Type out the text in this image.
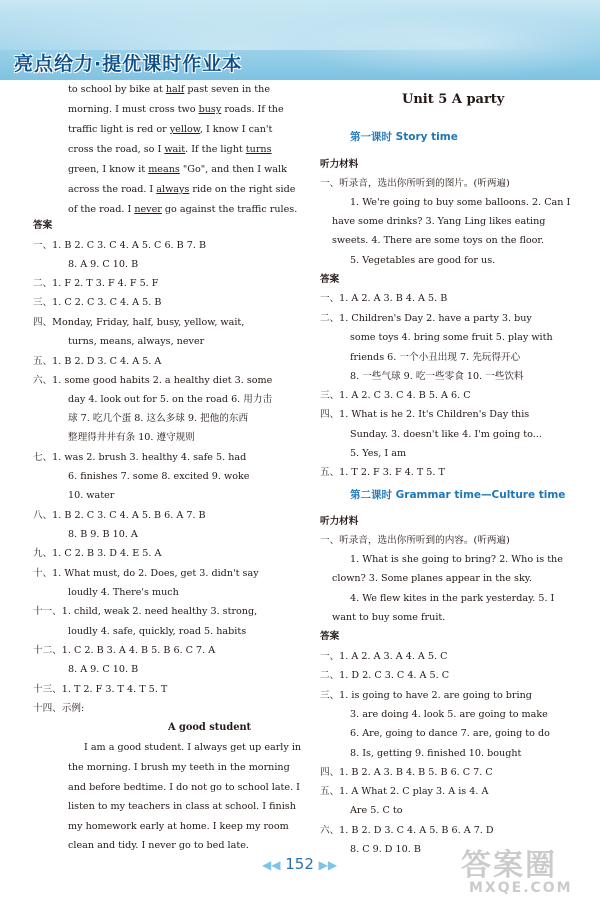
亮点给力·提优课时作业本
to school by bike at half past seven in the
morning. I must cross two busy roads. If the
traffic light is red or yellow, I know I can't
cross the road, so I wait. If the light turns
green, I know it means "Go", and then I walk
across the road. I always ride on the right side
of the road. I never go against the traffic rules.
答案
一、1. B 2. C 3. C 4. A 5. C 6. B 7. B
8. A 9. C 10. B
二、1. F 2. T 3. F 4. F 5. F
三、1. C 2. C 3. C 4. A 5. B
四、Monday, Friday, half, busy, yellow, wait,
turns, means, always, never
五、1. B 2. D 3. C 4. A 5. A
六、1. some good habits 2. a healthy diet 3. some
day 4. look out for 5. on the road 6. 用力击
球 7. 吃几个蛋 8. 这么多球 9. 把他的东西
整理得井井有条 10. 遵守规则
七、1. was 2. brush 3. healthy 4. safe 5. had
6. finishes 7. some 8. excited 9. woke
10. water
八、1. B 2. C 3. C 4. A 5. B 6. A 7. B
8. B 9. B 10. A
九、1. C 2. B 3. D 4. E 5. A
十、1. What must, do 2. Does, get 3. didn't say
loudly 4. There's much
十一、1. child, weak 2. need healthy 3. strong,
loudly 4. safe, quickly, road 5. habits
十二、1. C 2. B 3. A 4. B 5. B 6. C 7. A
8. A 9. C 10. B
十三、1. T 2. F 3. T 4. T 5. T
十四、示例:
A good student
I am a good student. I always get up early in
the morning. I brush my teeth in the morning
and before bedtime. I do not go to school late. I
listen to my teachers in class at school. I finish
my homework early at home. I keep my room
clean and tidy. I never go to bed late.
Unit 5 A party
第一课时 Story time
听力材料
一、听录音，选出你所听到的图片。(听两遍)
1. We're going to buy some balloons. 2. Can I
have some drinks? 3. Yang Ling likes eating
sweets. 4. There are some toys on the floor.
5. Vegetables are good for us.
答案
一、1. A 2. A 3. B 4. A 5. B
二、1. Children's Day 2. have a party 3. buy
some toys 4. bring some fruit 5. play with
friends 6. 一个小丑出现 7. 先玩得开心
8. 一些气球 9. 吃一些零食 10. 一些饮料
三、1. A 2. C 3. C 4. B 5. A 6. C
四、1. What is he 2. It's Children's Day this
Sunday. 3. doesn't like 4. I'm going to...
5. Yes, I am
五、1. T 2. F 3. F 4. T 5. T
第二课时 Grammar time—Culture time
听力材料
一、听录音，选出你所听到的内容。(听两遍)
1. What is she going to bring? 2. Who is the
clown? 3. Some planes appear in the sky.
4. We flew kites in the park yesterday. 5. I
want to buy some fruit.
答案
一、1. A 2. A 3. A 4. A 5. C
二、1. D 2. C 3. C 4. A 5. C
三、1. is going to have 2. are going to bring
3. are doing 4. look 5. are going to make
6. Are, going to dance 7. are, going to do
8. Is, getting 9. finished 10. bought
四、1. B 2. A 3. B 4. B 5. B 6. C 7. C
五、1. A What 2. C play 3. A is 4. A
Are 5. C to
六、1. B 2. D 3. C 4. A 5. B 6. A 7. D
8. C 9. D 10. B
◀◀ 152 ▶▶	答案圈
MXQE.COM
